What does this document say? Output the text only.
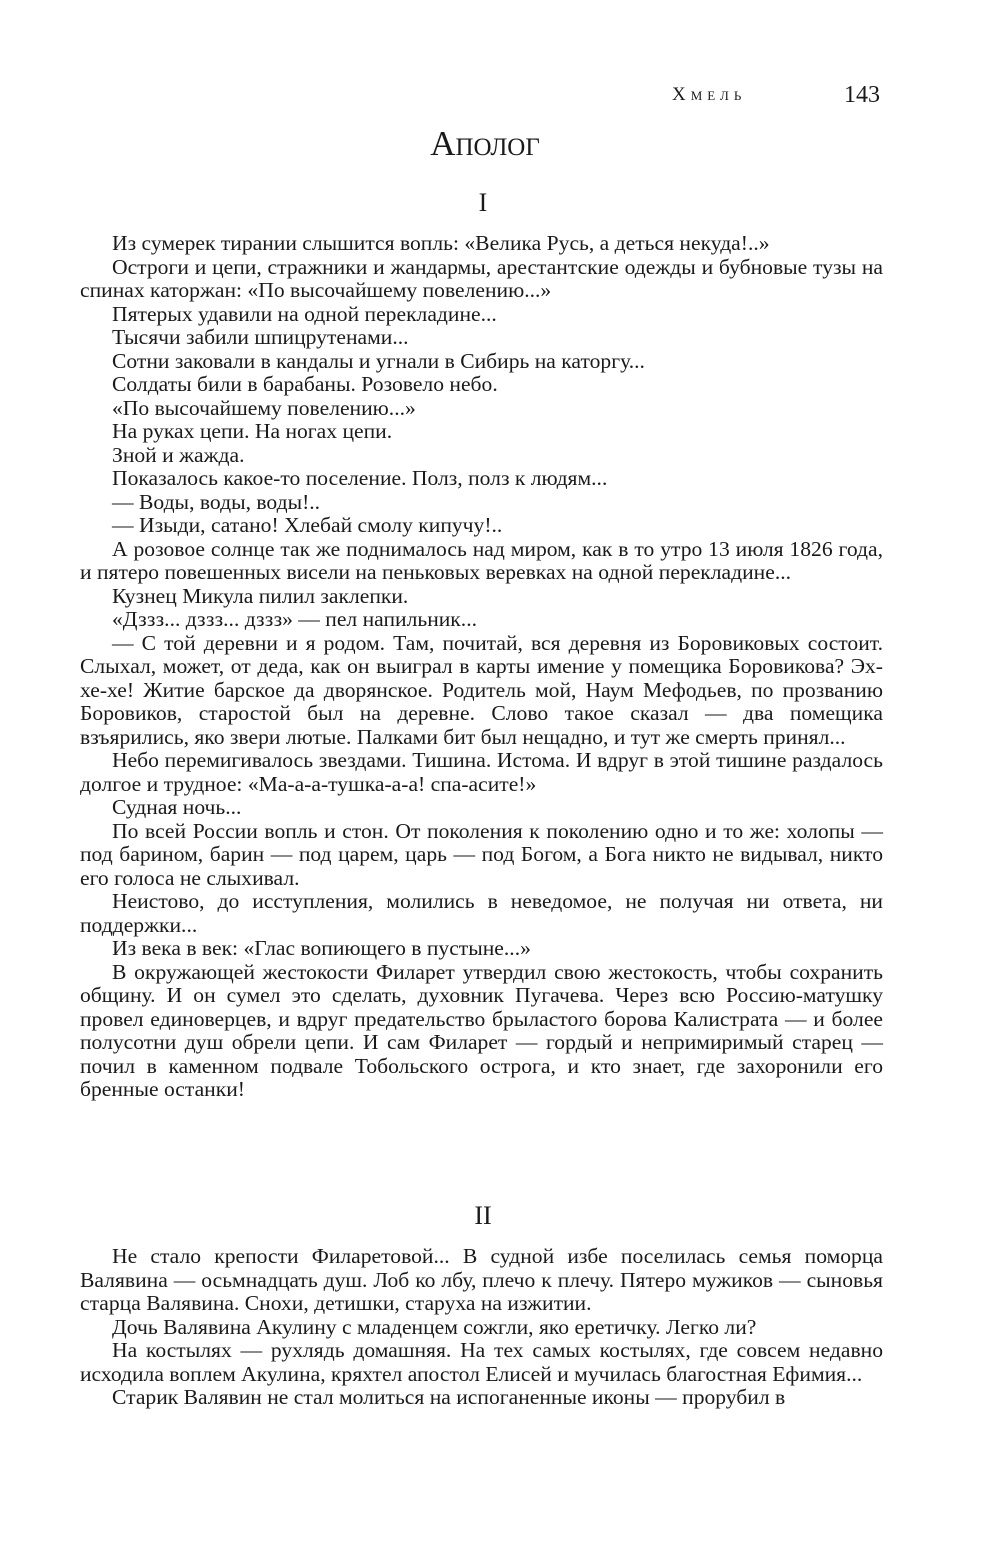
Хмель	143
Аполог
I

Из сумерек тирании слышится вопль: «Велика Русь, а деться некуда!..»

Остроги и цепи, стражники и жандармы, арестантские одежды и бубновые тузы на спинах каторжан: «По высочайшему повелению...»

Пятерых удавили на одной перекладине...

Тысячи забили шпицрутенами...

Сотни заковали в кандалы и угнали в Сибирь на каторгу...

Солдаты били в барабаны. Розовело небо.

«По высочайшему повелению...»

На руках цепи. На ногах цепи.

Зной и жажда.

Показалось какое-то поселение. Полз, полз к людям...

— Воды, воды, воды!..

— Изыди, сатано! Хлебай смолу кипучу!..

А розовое солнце так же поднималось над миром, как в то утро 13 июля 1826 года, и пятеро повешенных висели на пеньковых веревках на одной перекладине...

Кузнец Микула пилил заклепки.

«Дззз... дззз... дззз» — пел напильник...

— С той деревни и я родом. Там, почитай, вся деревня из Боровиковых состоит. Слыхал, может, от деда, как он выиграл в карты имение у помещика Боровикова? Эх-хе-хе! Житие барское да дворянское. Родитель мой, Наум Мефодьев, по прозванию Боровиков, старостой был на деревне. Слово такое сказал — два помещика взъярились, яко звери лютые. Палками бит был нещадно, и тут же смерть принял...

Небо перемигивалось звездами. Тишина. Истома. И вдруг в этой тишине раздалось долгое и трудное: «Ма-а-а-тушка-а-а! спа-асите!»

Судная ночь...

По всей России вопль и стон. От поколения к поколению одно и то же: холопы — под барином, барин — под царем, царь — под Богом, а Бога никто не видывал, никто его голоса не слыхивал.

Неистово, до исступления, молились в неведомое, не получая ни ответа, ни поддержки...

Из века в век: «Глас вопиющего в пустыне...»

В окружающей жестокости Филарет утвердил свою жестокость, чтобы сохранить общину. И он сумел это сделать, духовник Пугачева. Через всю Россию-матушку провел единоверцев, и вдруг предательство брыластого борова Калистрата — и более полусотни душ обрели цепи. И сам Филарет — гордый и непримиримый старец — почил в каменном подвале Тобольского острога, и кто знает, где захоронили его бренные останки!

II

Не стало крепости Филаретовой... В судной избе поселилась семья поморца Валявина — осьмнадцать душ. Лоб ко лбу, плечо к плечу. Пятеро мужиков — сыновья старца Валявина. Снохи, детишки, старуха на изжитии.

Дочь Валявина Акулину с младенцем сожгли, яко еретичку. Легко ли?

На костылях — рухлядь домашняя. На тех самых костылях, где совсем недавно исходила воплем Акулина, кряхтел апостол Елисей и мучилась благостная Ефимия...

Старик Валявин не стал молиться на испоганенные иконы — прорубил в
